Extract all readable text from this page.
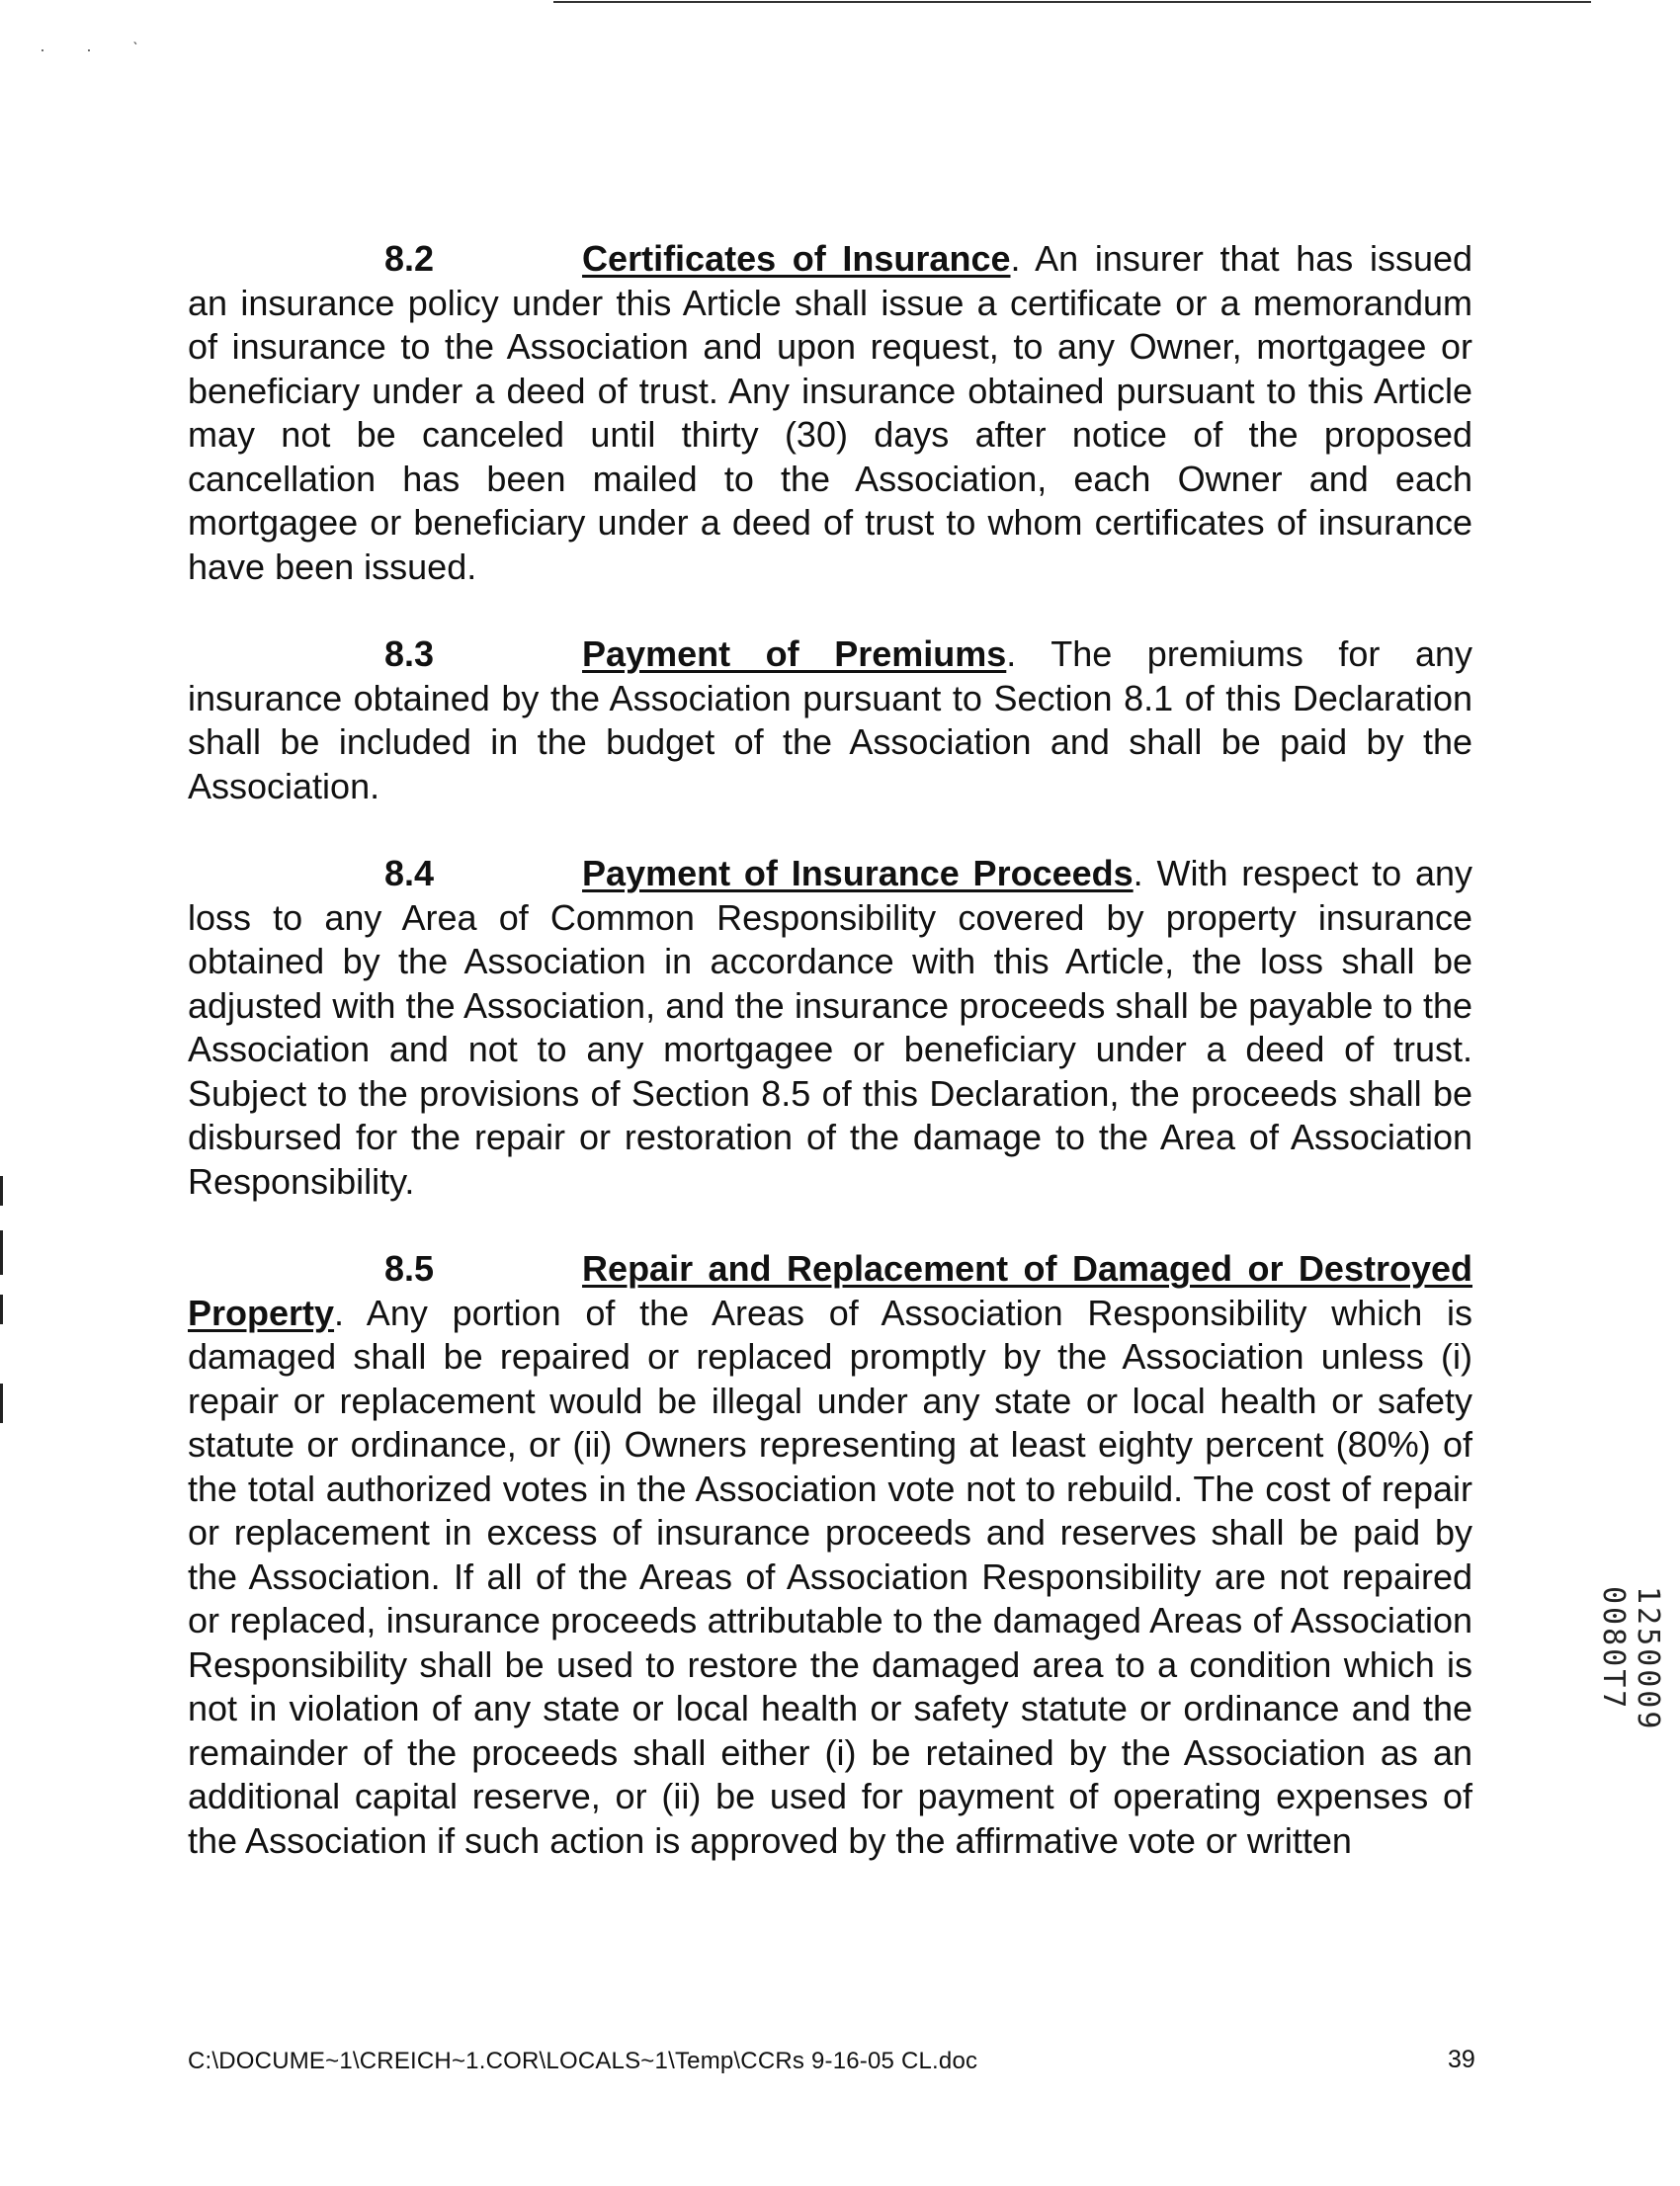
· · ˋ

8.2	Certificates of Insurance. An insurer that has issued an insurance policy under this Article shall issue a certificate or a memorandum of insurance to the Association and upon request, to any Owner, mortgagee or beneficiary under a deed of trust. Any insurance obtained pursuant to this Article may not be canceled until thirty (30) days after notice of the proposed cancellation has been mailed to the Association, each Owner and each mortgagee or beneficiary under a deed of trust to whom certificates of insurance have been issued.

8.3	Payment of Premiums. The premiums for any insurance obtained by the Association pursuant to Section 8.1 of this Declaration shall be included in the budget of the Association and shall be paid by the Association.

8.4	Payment of Insurance Proceeds. With respect to any loss to any Area of Common Responsibility covered by property insurance obtained by the Association in accordance with this Article, the loss shall be adjusted with the Association, and the insurance proceeds shall be payable to the Association and not to any mortgagee or beneficiary under a deed of trust. Subject to the provisions of Section 8.5 of this Declaration, the proceeds shall be disbursed for the repair or restoration of the damage to the Area of Association Responsibility.

8.5	Repair and Replacement of Damaged or Destroyed Property. Any portion of the Areas of Association Responsibility which is damaged shall be repaired or replaced promptly by the Association unless (i) repair or replacement would be illegal under any state or local health or safety statute or ordinance, or (ii) Owners representing at least eighty percent (80%) of the total authorized votes in the Association vote not to rebuild. The cost of repair or replacement in excess of insurance proceeds and reserves shall be paid by the Association. If all of the Areas of Association Responsibility are not repaired or replaced, insurance proceeds attributable to the damaged Areas of Association Responsibility shall be used to restore the damaged area to a condition which is not in violation of any state or local health or safety statute or ordinance and the remainder of the proceeds shall either (i) be retained by the Association as an additional capital reserve, or (ii) be used for payment of operating expenses of the Association if such action is approved by the affirmative vote or written

1250009 0080T7
C:\DOCUME~1\CREICH~1.COR\LOCALS~1\Temp\CCRs 9-16-05 CL.doc	39
